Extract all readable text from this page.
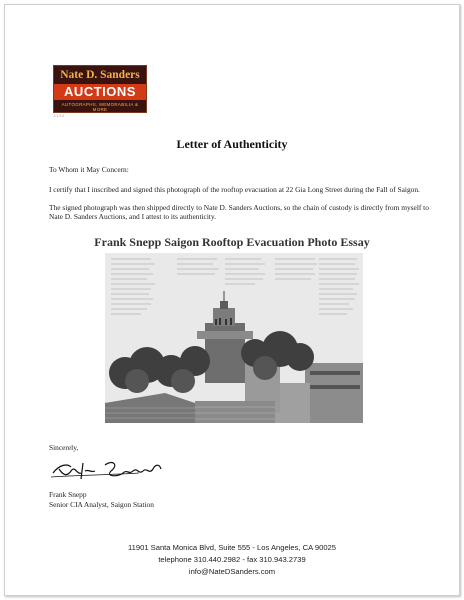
Nate D. Sanders
AUCTIONS
AUTOGRAPHS, MEMORABILIA & MORE
7/1/14
Letter of Authenticity
To Whom it May Concern:
I certify that I inscribed and signed this photograph of the rooftop evacuation at 22 Gia Long Street during the Fall of Saigon.
The signed photograph was then shipped directly to Nate D. Sanders Auctions, so the chain of custody is directly from myself to Nate D. Sanders Auctions, and I attest to its authenticity.
Frank Snepp Saigon Rooftop Evacuation Photo Essay
Sincerely,
Frank Snepp
Senior CIA Analyst, Saigon Station
11901 Santa Monica Blvd, Suite 555 - Los Angeles, CA 90025
telephone 310.440.2982 - fax 310.943.2739
info@NateDSanders.com
